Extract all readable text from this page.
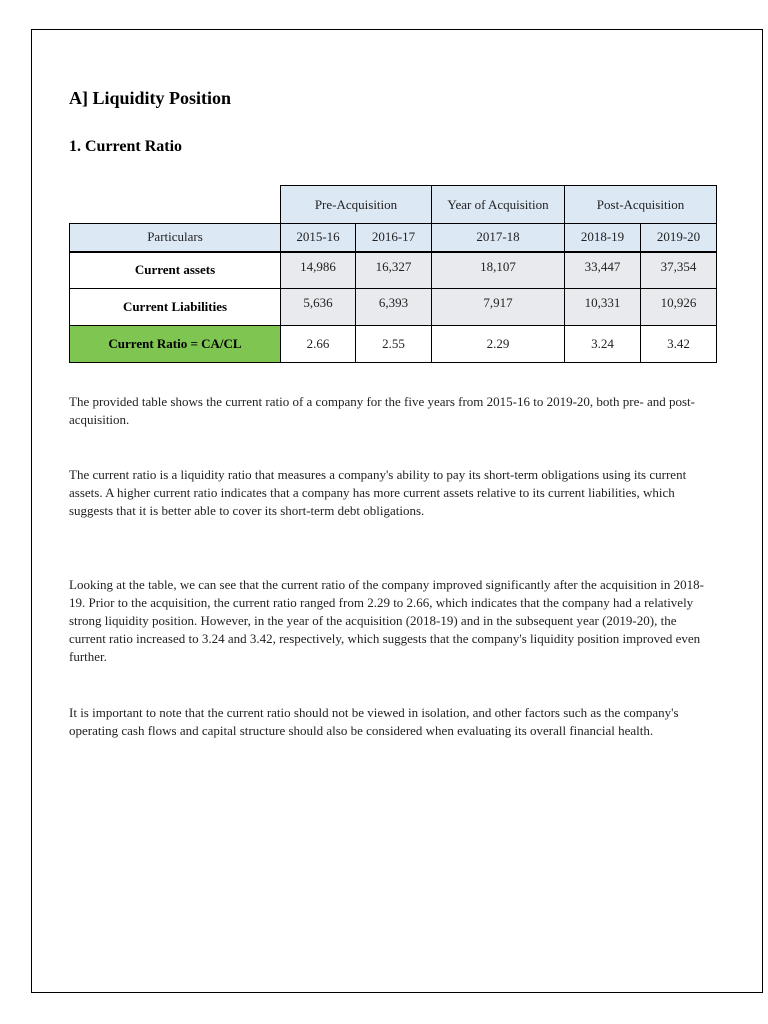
A] Liquidity Position
1. Current Ratio
	Pre-Acquisition		Year of Acquisition	Post-Acquisition	
Particulars	2015-16	2016-17	2017-18	2018-19	2019-20
Current assets	14,986	16,327	18,107	33,447	37,354
Current Liabilities	5,636	6,393	7,917	10,331	10,926
Current Ratio = CA/CL	2.66	2.55	2.29	3.24	3.42

The provided table shows the current ratio of a company for the five years from 2015-16 to 2019-20, both pre- and post-acquisition.

The current ratio is a liquidity ratio that measures a company's ability to pay its short-term obligations using its current assets. A higher current ratio indicates that a company has more current assets relative to its current liabilities, which suggests that it is better able to cover its short-term debt obligations.

Looking at the table, we can see that the current ratio of the company improved significantly after the acquisition in 2018-19. Prior to the acquisition, the current ratio ranged from 2.29 to 2.66, which indicates that the company had a relatively strong liquidity position. However, in the year of the acquisition (2018-19) and in the subsequent year (2019-20), the current ratio increased to 3.24 and 3.42, respectively, which suggests that the company's liquidity position improved even further.

It is important to note that the current ratio should not be viewed in isolation, and other factors such as the company's operating cash flows and capital structure should also be considered when evaluating its overall financial health.
